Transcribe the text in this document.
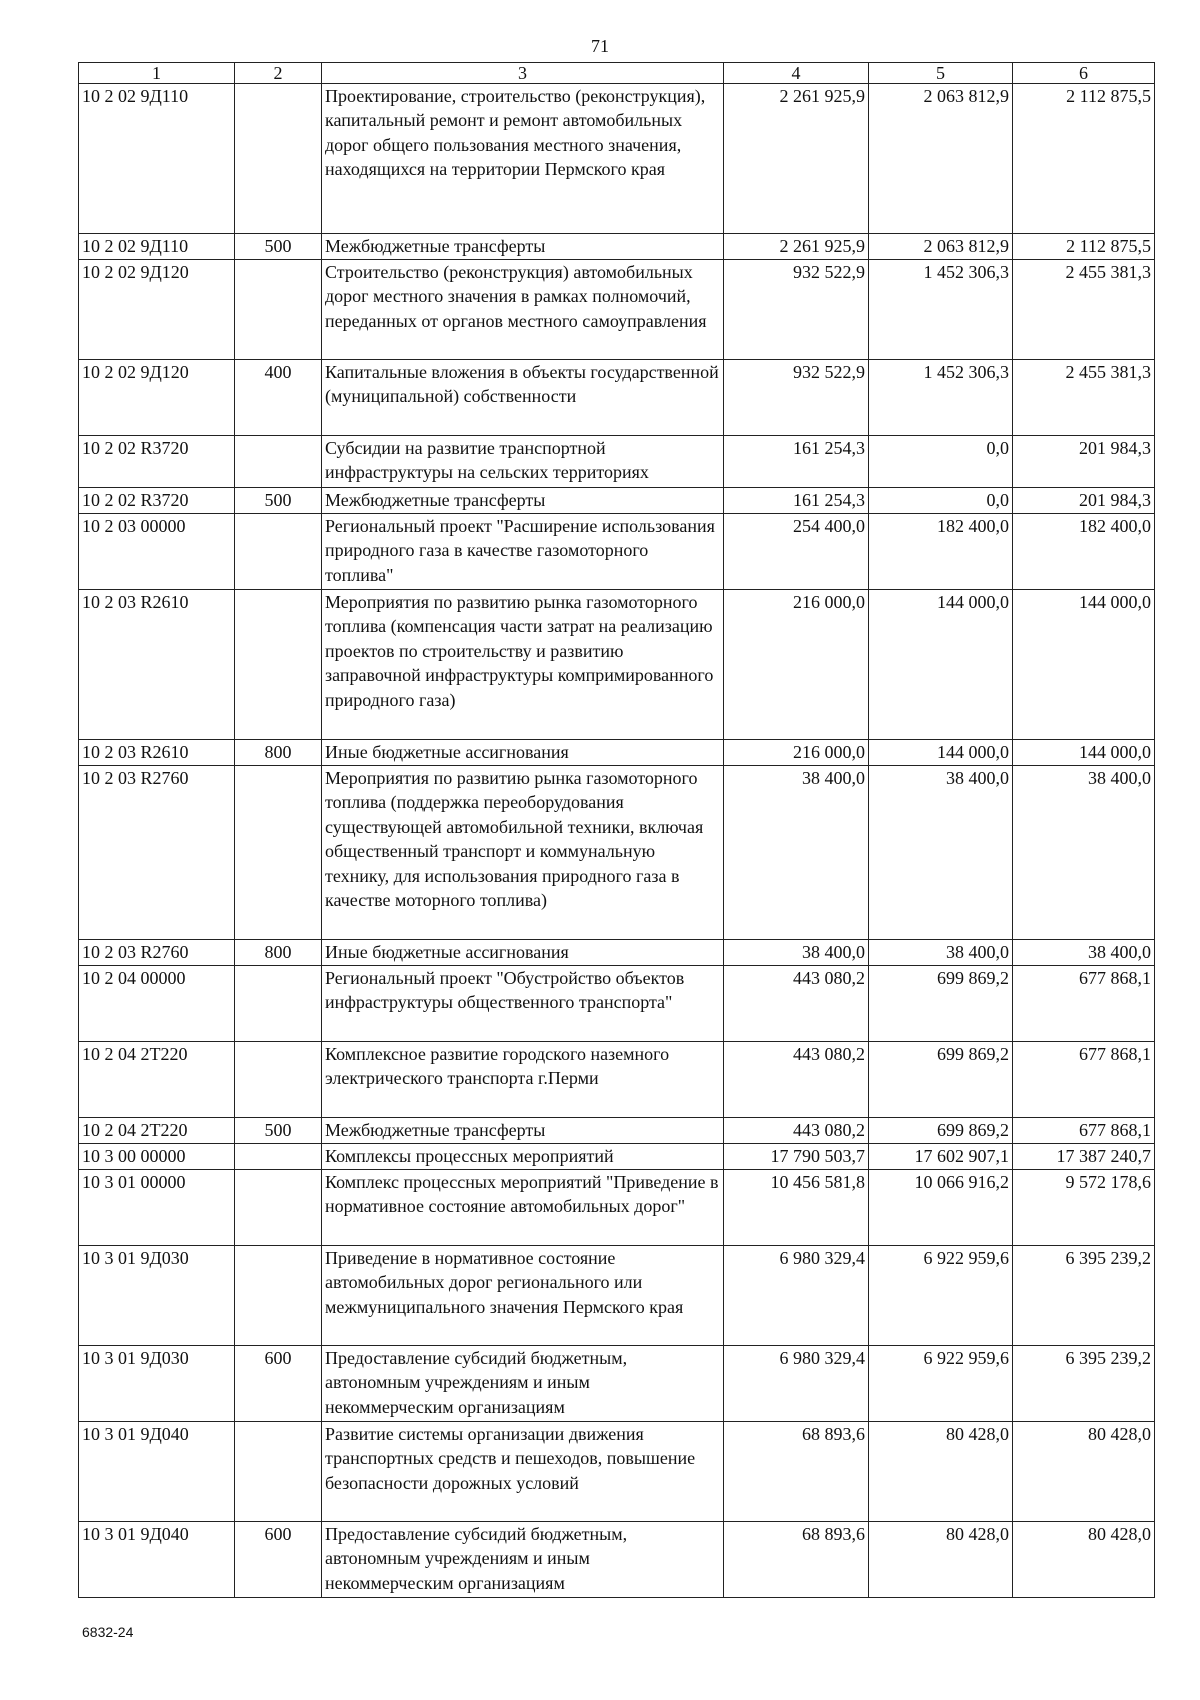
71
1	2	3	4	5	6
10 2 02 9Д110		Проектирование, строительство (реконструкция), капитальный ремонт и ремонт автомобильных дорог общего пользования местного значения, находящихся на территории Пермского края	2 261 925,9	2 063 812,9	2 112 875,5
10 2 02 9Д110	500	Межбюджетные трансферты	2 261 925,9	2 063 812,9	2 112 875,5
10 2 02 9Д120		Строительство (реконструкция) автомобильных дорог местного значения в рамках полномочий, переданных от органов местного самоуправления	932 522,9	1 452 306,3	2 455 381,3
10 2 02 9Д120	400	Капитальные вложения в объекты государственной (муниципальной) собственности	932 522,9	1 452 306,3	2 455 381,3
10 2 02 R3720		Субсидии на развитие транспортной инфраструктуры на сельских территориях	161 254,3	0,0	201 984,3
10 2 02 R3720	500	Межбюджетные трансферты	161 254,3	0,0	201 984,3
10 2 03 00000		Региональный проект "Расширение использования природного газа в качестве газомоторного топлива"	254 400,0	182 400,0	182 400,0
10 2 03 R2610		Мероприятия по развитию рынка газомоторного топлива (компенсация части затрат на реализацию проектов по строительству и развитию заправочной инфраструктуры компримированного природного газа)	216 000,0	144 000,0	144 000,0
10 2 03 R2610	800	Иные бюджетные ассигнования	216 000,0	144 000,0	144 000,0
10 2 03 R2760		Мероприятия по развитию рынка газомоторного топлива (поддержка переоборудования существующей автомобильной техники, включая общественный транспорт и коммунальную технику, для использования природного газа в качестве моторного топлива)	38 400,0	38 400,0	38 400,0
10 2 03 R2760	800	Иные бюджетные ассигнования	38 400,0	38 400,0	38 400,0
10 2 04 00000		Региональный проект "Обустройство объектов инфраструктуры общественного транспорта"	443 080,2	699 869,2	677 868,1
10 2 04 2Т220		Комплексное развитие городского наземного электрического транспорта г.Перми	443 080,2	699 869,2	677 868,1
10 2 04 2Т220	500	Межбюджетные трансферты	443 080,2	699 869,2	677 868,1
10 3 00 00000		Комплексы процессных мероприятий	17 790 503,7	17 602 907,1	17 387 240,7
10 3 01 00000		Комплекс процессных мероприятий "Приведение в нормативное состояние автомобильных дорог"	10 456 581,8	10 066 916,2	9 572 178,6
10 3 01 9Д030		Приведение в нормативное состояние автомобильных дорог регионального или межмуниципального значения Пермского края	6 980 329,4	6 922 959,6	6 395 239,2
10 3 01 9Д030	600	Предоставление субсидий бюджетным, автономным учреждениям и иным некоммерческим организациям	6 980 329,4	6 922 959,6	6 395 239,2
10 3 01 9Д040		Развитие системы организации движения транспортных средств и пешеходов, повышение безопасности дорожных условий	68 893,6	80 428,0	80 428,0
10 3 01 9Д040	600	Предоставление субсидий бюджетным, автономным учреждениям и иным некоммерческим организациям	68 893,6	80 428,0	80 428,0
6832-24
